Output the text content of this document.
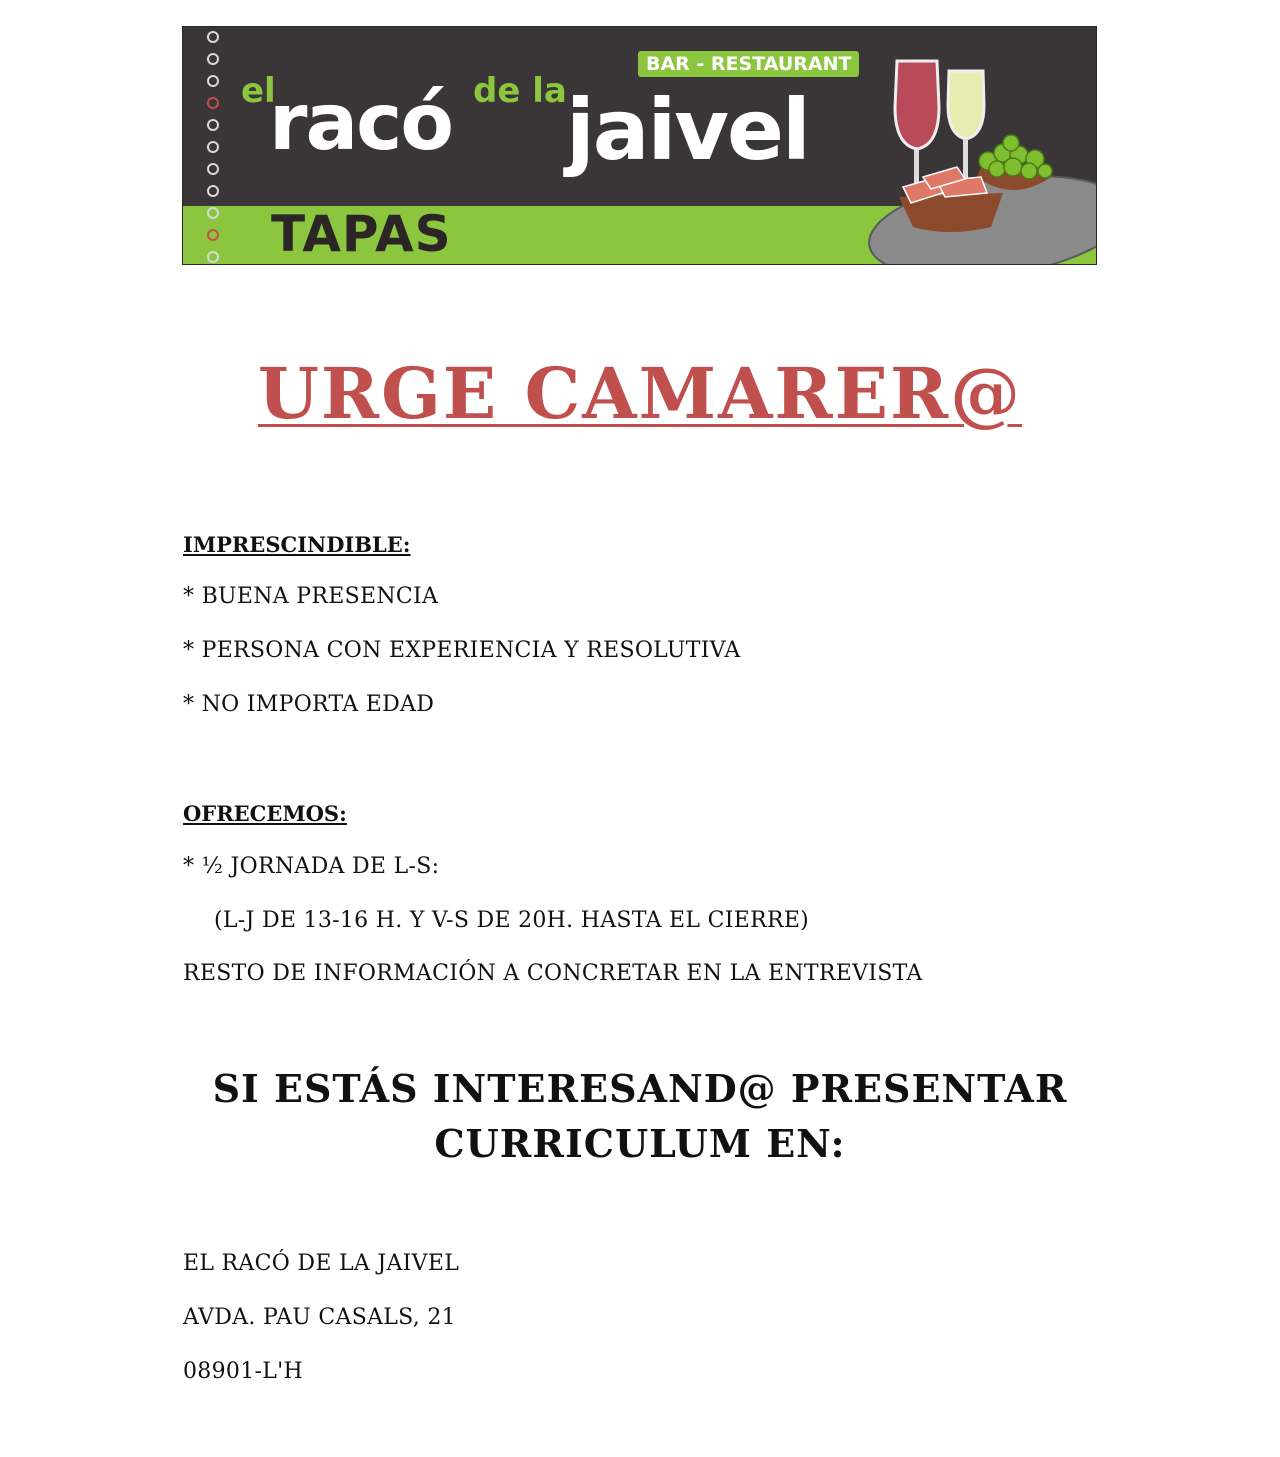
BAR - RESTAURANT
el
racó de la jaivel
TAPAS
URGE CAMARER@
IMPRESCINDIBLE:
* BUENA PRESENCIA
* PERSONA CON EXPERIENCIA Y RESOLUTIVA
* NO IMPORTA EDAD
OFRECEMOS:
* ½ JORNADA DE L-S:
(L-J DE 13-16 H. Y V-S DE 20H. HASTA EL CIERRE)
RESTO DE INFORMACIÓN A CONCRETAR EN LA ENTREVISTA
SI ESTÁS INTERESAND@ PRESENTAR
CURRICULUM EN:
EL RACÓ DE LA JAIVEL
AVDA. PAU CASALS, 21
08901-L'H
